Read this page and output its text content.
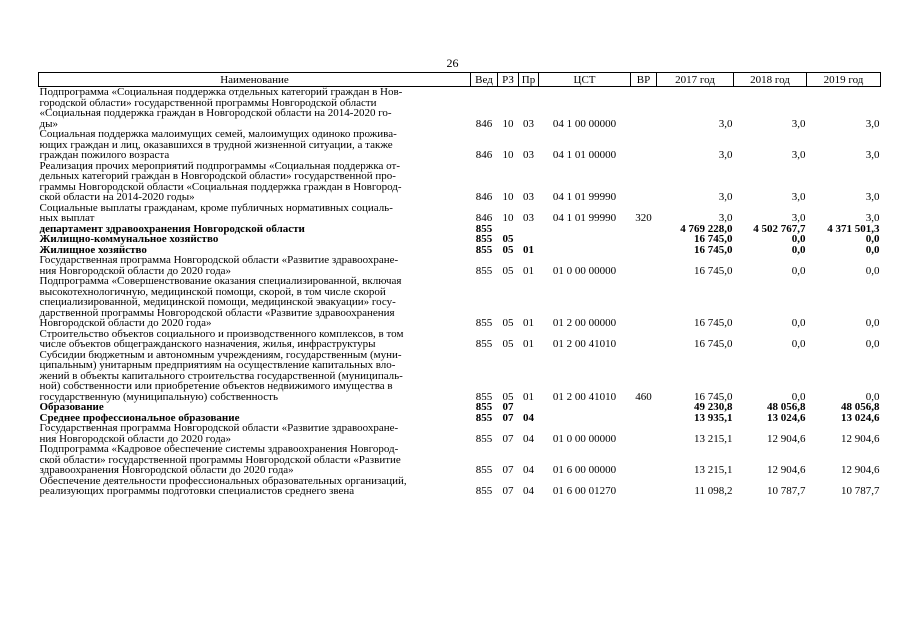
26
Наименование	Вед	РЗ	Пр	ЦСТ	ВР	2017 год	2018 год	2019 год
Подпрограмма «Социальная поддержка отдельных категорий граждан в Нов-
городской области» государственной программы Новгородской области
«Социальная поддержка граждан в Новгородской области на 2014-2020 го-
ды»	846	10	03	04 1 00 00000		3,0	3,0	3,0
Социальная поддержка малоимущих семей, малоимущих одиноко прожива-
ющих граждан и лиц, оказавшихся в трудной жизненной ситуации, а также
граждан пожилого возраста	846	10	03	04 1 01 00000		3,0	3,0	3,0
Реализация прочих мероприятий подпрограммы «Социальная поддержка от-
дельных категорий граждан в Новгородской области» государственной про-
граммы Новгородской области «Социальная поддержка граждан в Новгород-
ской области на 2014-2020 годы»	846	10	03	04 1 01 99990		3,0	3,0	3,0
Социальные выплаты гражданам, кроме публичных нормативных социаль-
ных выплат	846	10	03	04 1 01 99990	320	3,0	3,0	3,0
департамент здравоохранения Новгородской области	855					4 769 228,0	4 502 767,7	4 371 501,3
Жилищно-коммунальное хозяйство	855	05				16 745,0	0,0	0,0
Жилищное хозяйство	855	05	01			16 745,0	0,0	0,0
Государственная программа Новгородской области «Развитие здравоохране-
ния Новгородской области до 2020 года»	855	05	01	01 0 00 00000		16 745,0	0,0	0,0
Подпрограмма «Совершенствование оказания специализированной, включая
высокотехнологичную, медицинской помощи, скорой, в том числе скорой
специализированной, медицинской помощи, медицинской эвакуации» госу-
дарственной программы Новгородской области «Развитие здравоохранения
Новгородской области до 2020 года»	855	05	01	01 2 00 00000		16 745,0	0,0	0,0
Строительство объектов социального и производственного комплексов, в том
числе объектов общегражданского назначения, жилья, инфраструктуры	855	05	01	01 2 00 41010		16 745,0	0,0	0,0
Субсидии бюджетным и автономным учреждениям, государственным (муни-
ципальным) унитарным предприятиям на осуществление капитальных вло-
жений в объекты капитального строительства государственной (муниципаль-
ной) собственности или приобретение объектов недвижимого имущества в
государственную (муниципальную) собственность	855	05	01	01 2 00 41010	460	16 745,0	0,0	0,0
Образование	855	07				49 230,8	48 056,8	48 056,8
Среднее профессиональное образование	855	07	04			13 935,1	13 024,6	13 024,6
Государственная программа Новгородской области «Развитие здравоохране-
ния Новгородской области до 2020 года»	855	07	04	01 0 00 00000		13 215,1	12 904,6	12 904,6
Подпрограмма «Кадровое обеспечение системы здравоохранения Новгород-
ской области» государственной программы Новгородской области «Развитие
здравоохранения Новгородской области до 2020 года»	855	07	04	01 6 00 00000		13 215,1	12 904,6	12 904,6
Обеспечение деятельности профессиональных образовательных организаций,
реализующих программы подготовки специалистов среднего звена	855	07	04	01 6 00 01270		11 098,2	10 787,7	10 787,7
